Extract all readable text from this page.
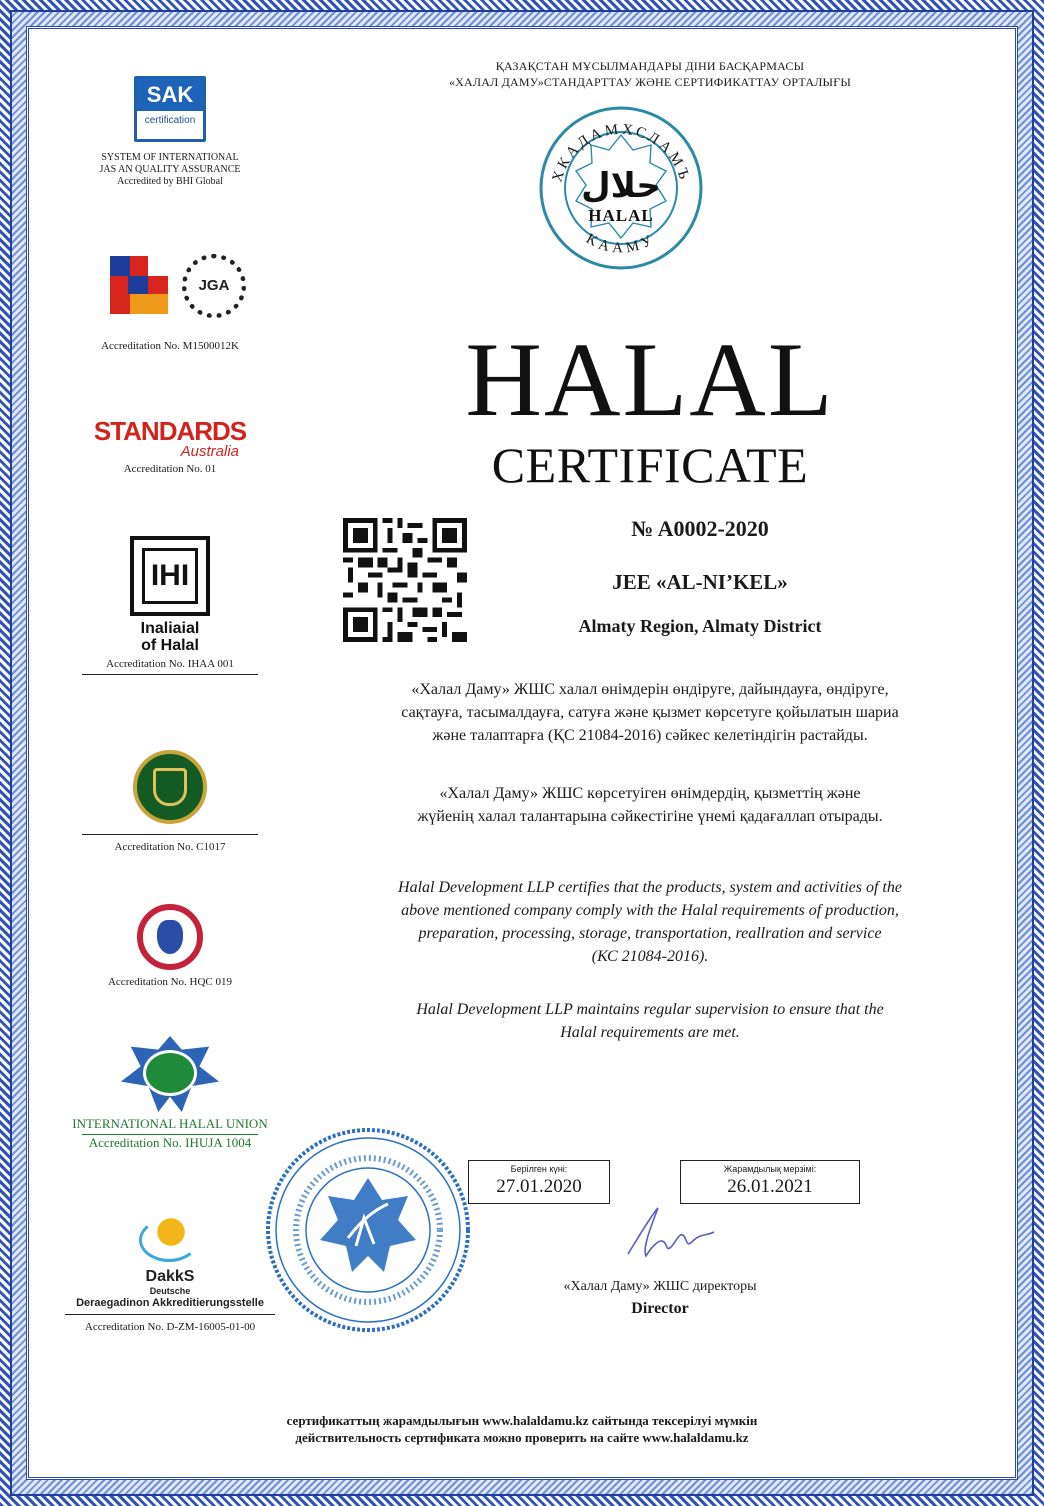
SAK
certification
SYSTEM OF INTERNATIONAL
JAS AN QUALITY ASSURANCE
Accredited by BHI Global
JGA
Accreditation No. M1500012K
STANDARDS
Australia
Accreditation No. 01
IHI
Inaliaial
of Halal
Accreditation No. IHAA 001
Accreditation No. C1017
Accreditation No. HQC 019
INTERNATIONAL HALAL UNION
Accreditation No. IHUJA 1004
DakkS
Deutsche
Deraegadinon Akkreditierungsstelle
Accreditation No. D-ZM-16005-01-00
ҚАЗАҚСТАН МҰСЫЛМАНДАРЫ ДІНИ БАСҚАРМАСЫ
«ХАЛАЛ ДАМУ»СТАНДАРТТАУ ЖӘНЕ СЕРТИФИКАТТАУ ОРТАЛЫҒЫ
ХКАДАМХСЛАМЪ
КААМУ
حلال
HALAL
HALAL
CERTIFICATE
№ A0002-2020
JEE «AL-NI’KEL»
Almaty Region, Almaty District
«Халал Даму» ЖШС халал өнімдерін өндіруге, дайындауға, өндіруге,
сақтауға, тасымалдауға, сатуға және қызмет көрсетуге қойылатын шариа
және талаптарға (ҚС 21084-2016) сәйкес келетіндігін растайды.
«Халал Даму» ЖШС көрсетуіген өнімдердің, қызметтің және
жүйенің халал талантарына сәйкестігіне үнемі қадағаллап отырады.
Halal Development LLP certifies that the products, system and activities of the
above mentioned company comply with the Halal requirements of production,
preparation, processing, storage, transportation, reallration and service
(КС 21084-2016).
Halal Development LLP maintains regular supervision to ensure that the
Halal requirements are met.
Берілген күні:
27.01.2020
Жарамдылық мерзімі:
26.01.2021
«Халал Даму» ЖШС директоры
Director
сертификаттың жарамдылығын www.halaldamu.kz сайтында тексерілуі мүмкін
действительность сертификата можно проверить на сайте www.halaldamu.kz
